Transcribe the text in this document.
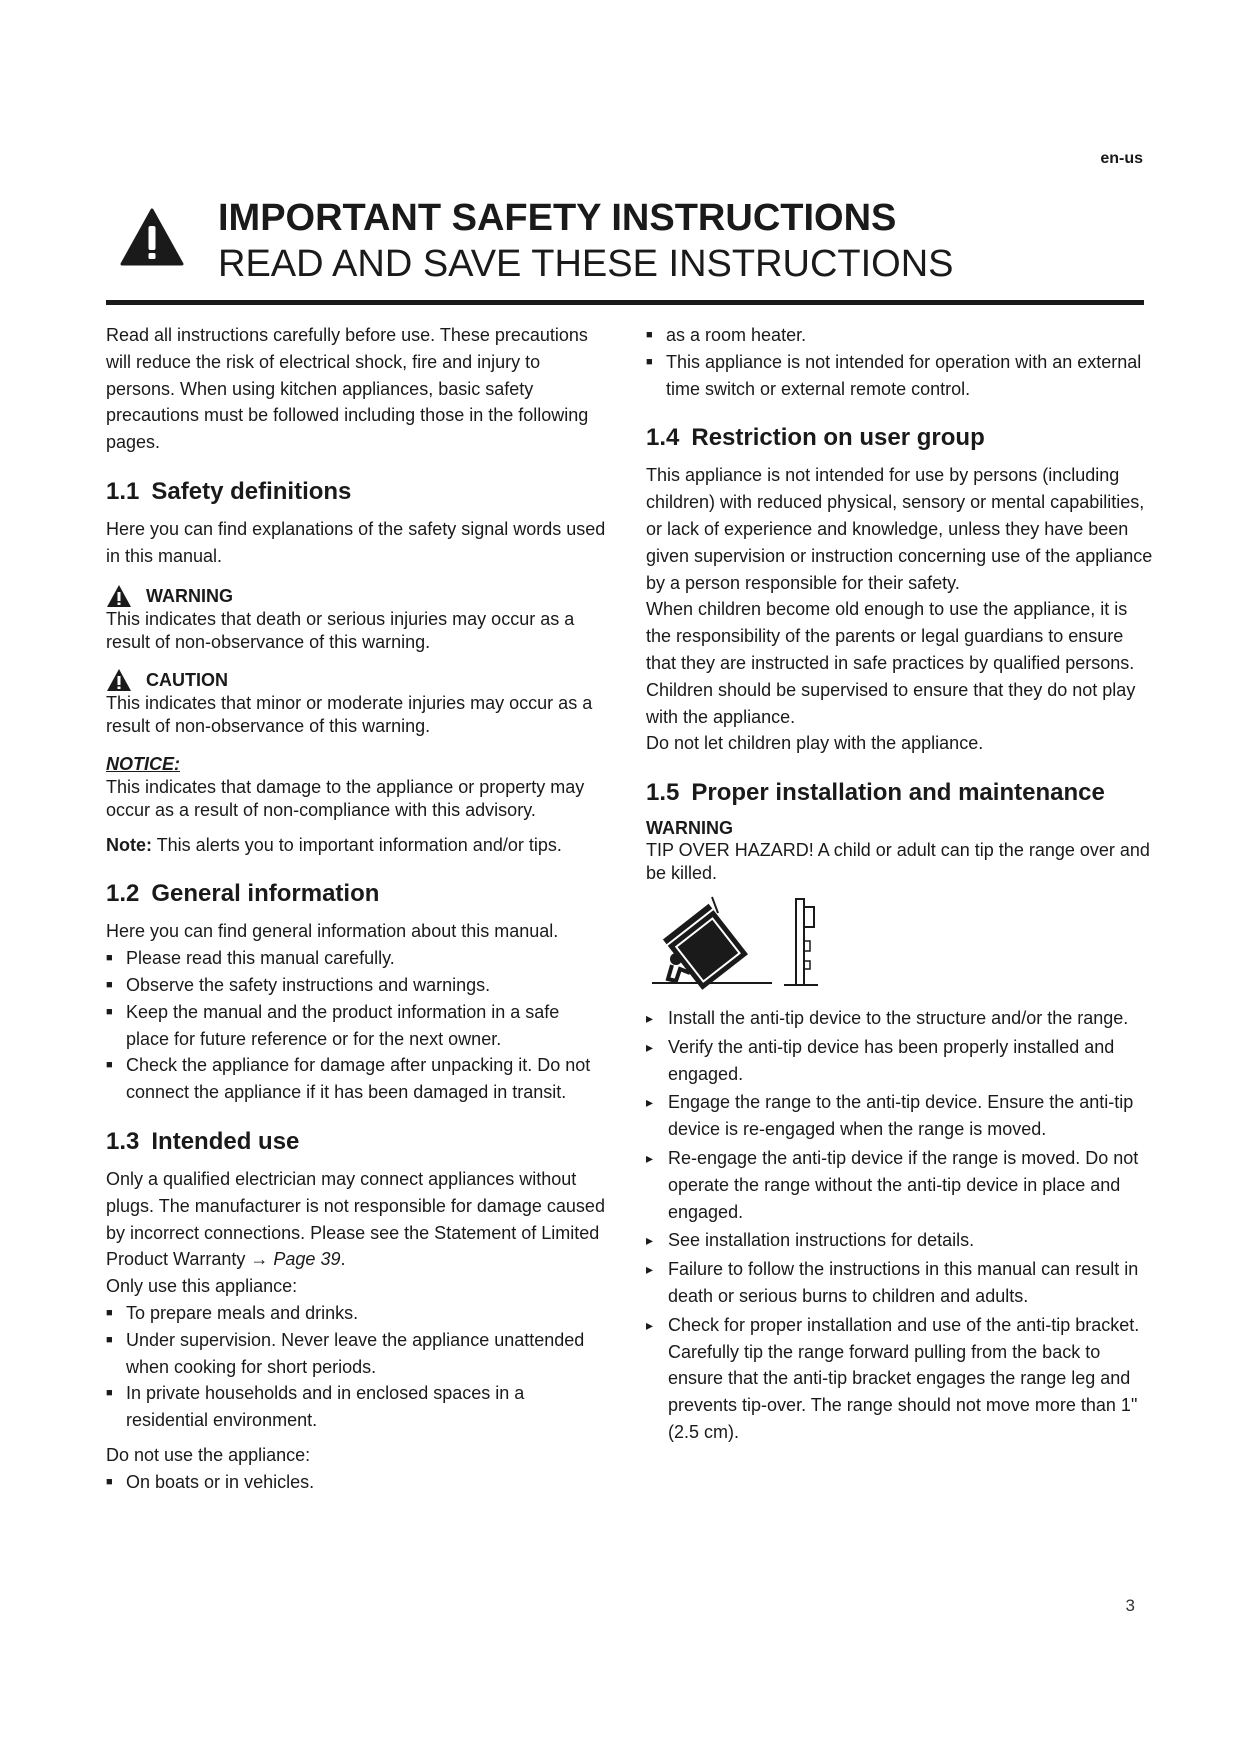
en-us
IMPORTANT SAFETY INSTRUCTIONS
READ AND SAVE THESE INSTRUCTIONS

Read all instructions carefully before use. These precautions will reduce the risk of electrical shock, fire and injury to persons. When using kitchen appliances, basic safety precautions must be followed including those in the following pages.

1.1 Safety definitions

Here you can find explanations of the safety signal words used in this manual.

WARNING

This indicates that death or serious injuries may occur as a result of non-observance of this warning.

CAUTION

This indicates that minor or moderate injuries may occur as a result of non-observance of this warning.

NOTICE:

This indicates that damage to the appliance or property may occur as a result of non-compliance with this advisory.

Note: This alerts you to important information and/or tips.

1.2 General information

Here you can find general information about this manual.

■ Please read this manual carefully.
■ Observe the safety instructions and warnings.
■ Keep the manual and the product information in a safe place for future reference or for the next owner.
■ Check the appliance for damage after unpacking it. Do not connect the appliance if it has been damaged in transit.
1.3 Intended use

Only a qualified electrician may connect appliances without plugs. The manufacturer is not responsible for damage caused by incorrect connections. Please see the Statement of Limited Product Warranty → Page 39.

Only use this appliance:

■ To prepare meals and drinks.
■ Under supervision. Never leave the appliance unattended when cooking for short periods.
■ In private households and in enclosed spaces in a residential environment.

Do not use the appliance:

■ On boats or in vehicles.
■ as a room heater.
■ This appliance is not intended for operation with an external time switch or external remote control.
1.4 Restriction on user group

This appliance is not intended for use by persons (including children) with reduced physical, sensory or mental capabilities, or lack of experience and knowledge, unless they have been given supervision or instruction concerning use of the appliance by a person responsible for their safety.

When children become old enough to use the appliance, it is the responsibility of the parents or legal guardians to ensure that they are instructed in safe practices by qualified persons.

Children should be supervised to ensure that they do not play with the appliance.

Do not let children play with the appliance.

1.5 Proper installation and maintenance

WARNING

TIP OVER HAZARD! A child or adult can tip the range over and be killed.

▸ Install the anti-tip device to the structure and/or the range.
▸ Verify the anti-tip device has been properly installed and engaged.
▸ Engage the range to the anti-tip device. Ensure the anti-tip device is re-engaged when the range is moved.
▸ Re-engage the anti-tip device if the range is moved. Do not operate the range without the anti-tip device in place and engaged.
▸ See installation instructions for details.
▸ Failure to follow the instructions in this manual can result in death or serious burns to children and adults.
▸ Check for proper installation and use of the anti-tip bracket. Carefully tip the range forward pulling from the back to ensure that the anti-tip bracket engages the range leg and prevents tip-over. The range should not move more than 1" (2.5 cm).
3
